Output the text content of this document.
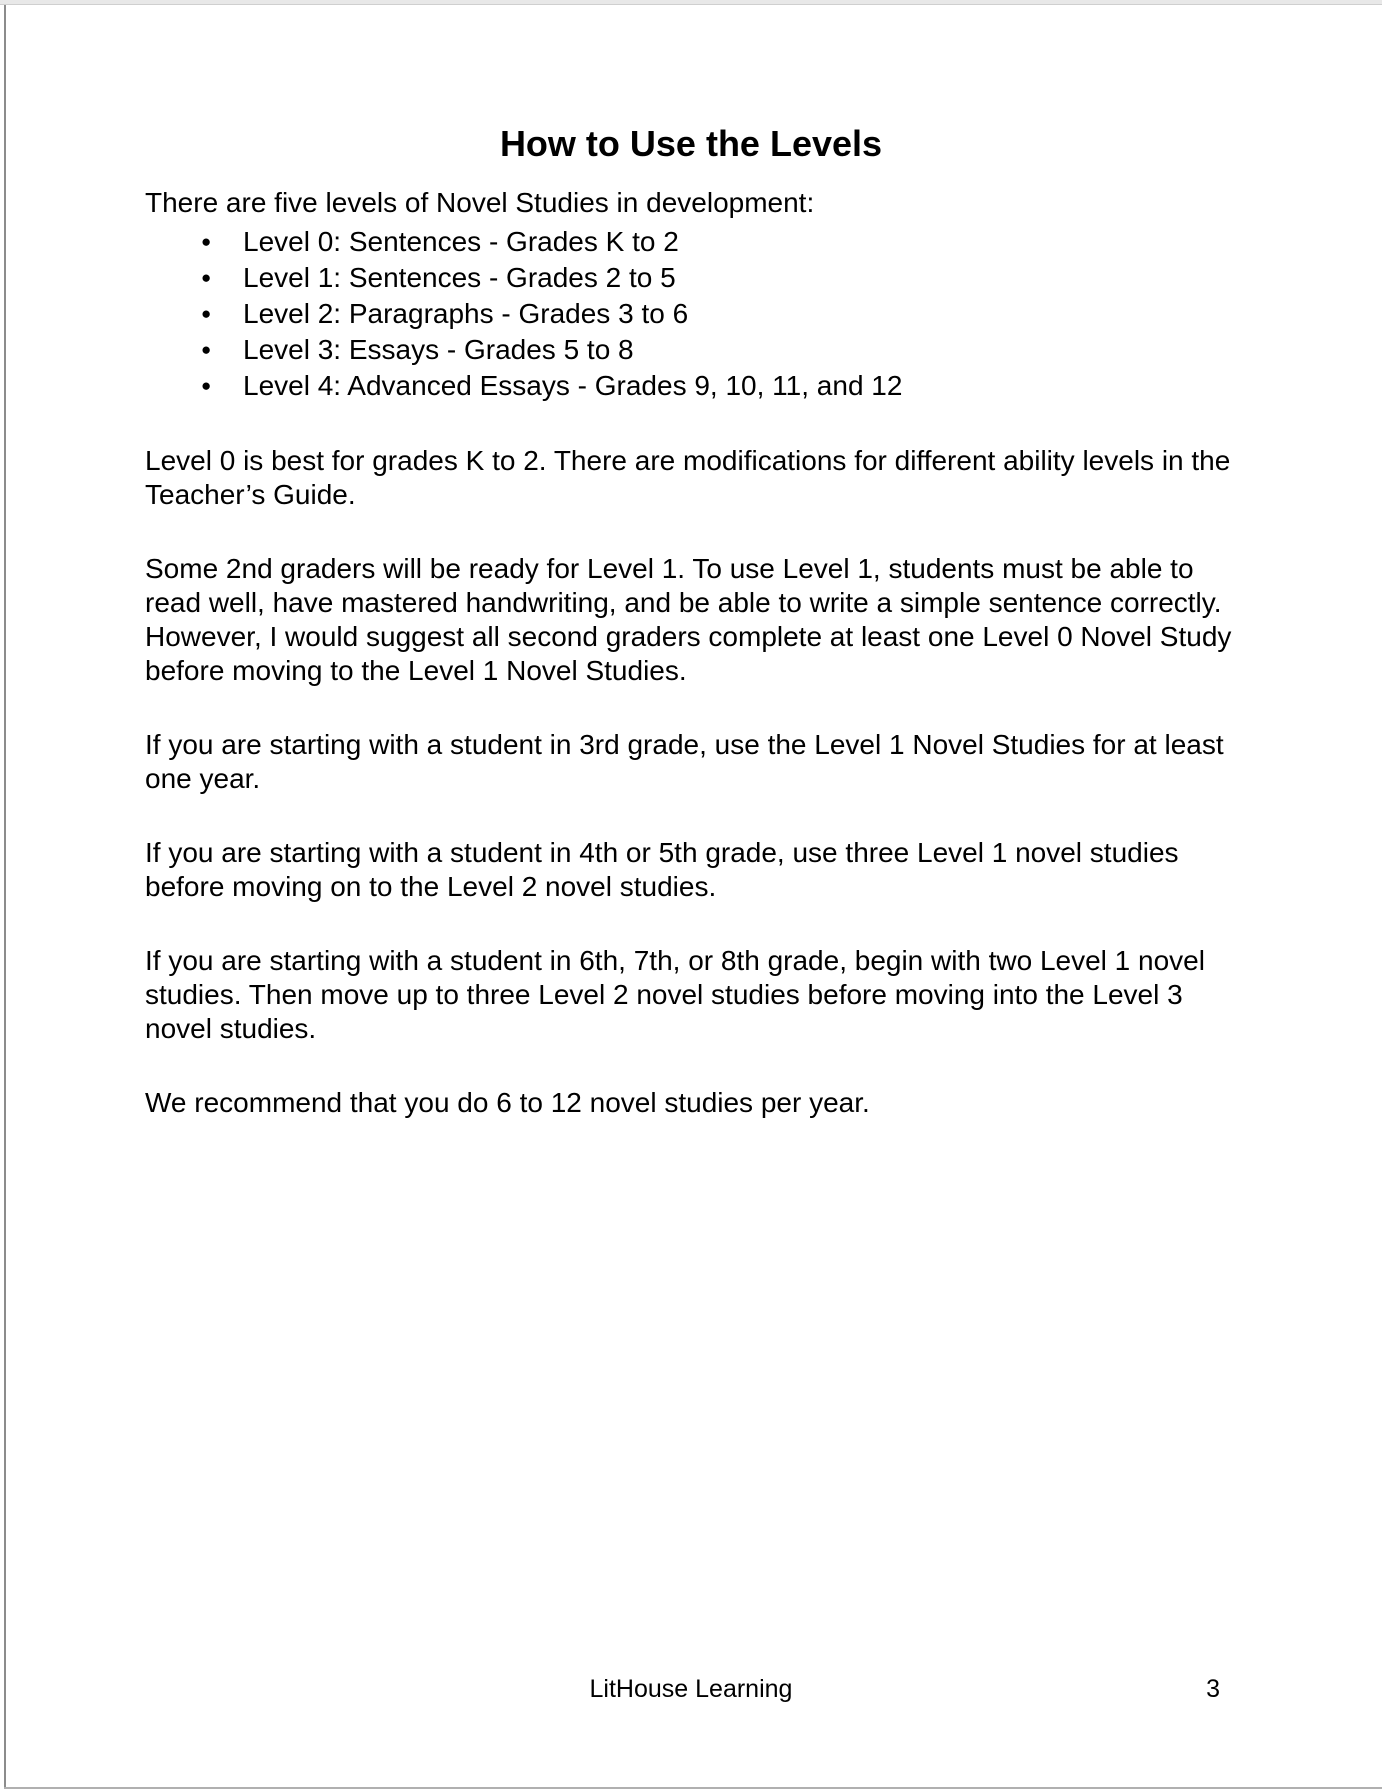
How to Use the Levels

There are five levels of Novel Studies in development:

● Level 0: Sentences - Grades K to 2
● Level 1: Sentences - Grades 2 to 5
● Level 2: Paragraphs - Grades 3 to 6
● Level 3: Essays - Grades 5 to 8
● Level 4: Advanced Essays - Grades 9, 10, 11, and 12

Level 0 is best for grades K to 2. There are modifications for different ability levels in the
Teacher’s Guide.

Some 2nd graders will be ready for Level 1. To use Level 1, students must be able to
read well, have mastered handwriting, and be able to write a simple sentence correctly.
However, I would suggest all second graders complete at least one Level 0 Novel Study
before moving to the Level 1 Novel Studies.

If you are starting with a student in 3rd grade, use the Level 1 Novel Studies for at least
one year.

If you are starting with a student in 4th or 5th grade, use three Level 1 novel studies
before moving on to the Level 2 novel studies.

If you are starting with a student in 6th, 7th, or 8th grade, begin with two Level 1 novel
studies. Then move up to three Level 2 novel studies before moving into the Level 3
novel studies.

We recommend that you do 6 to 12 novel studies per year.

LitHouse Learning	3
